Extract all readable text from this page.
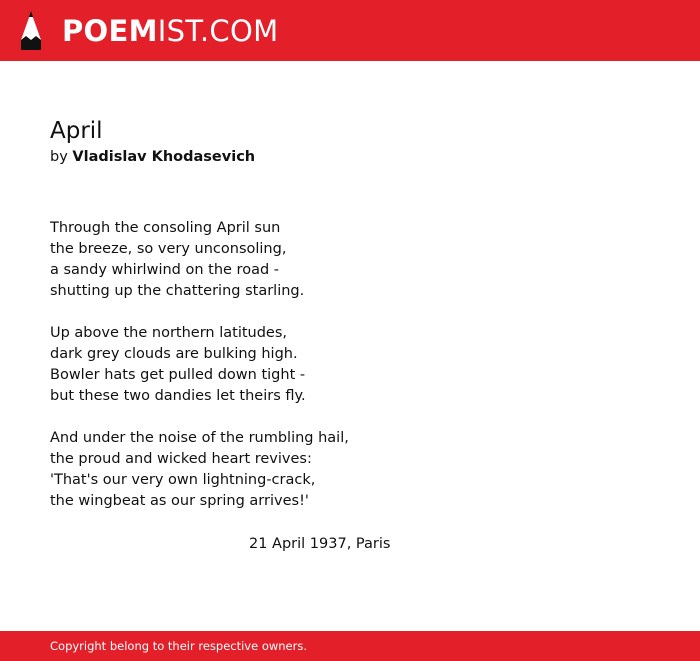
POEMIST.COM
April
by Vladislav Khodasevich
Through the consoling April sun
the breeze, so very unconsoling,
a sandy whirlwind on the road -
shutting up the chattering starling.
Up above the northern latitudes,
dark grey clouds are bulking high.
Bowler hats get pulled down tight -
but these two dandies let theirs fly.
And under the noise of the rumbling hail,
the proud and wicked heart revives:
'That's our very own lightning-crack,
the wingbeat as our spring arrives!'
21 April 1937, Paris
Copyright belong to their respective owners.
